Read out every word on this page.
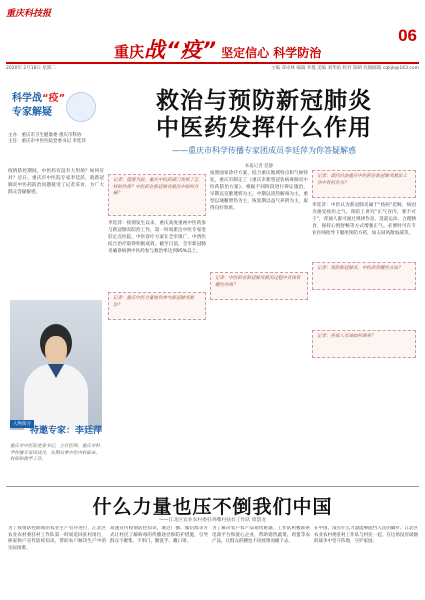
重庆科技报
重庆战“疫” 坚定信心 科学防治
06
2020年 2月18日 星期二	主编 邓卓林 编辑 李蔓 美编 刘华焰 校对 陈晴 投稿邮箱 cqkjb@163.com
科学战“疫”
专家解疑	救治与预防新冠肺炎
中医药发挥什么作用
——重庆市科学传播专家团成员李廷萍为你答疑解惑
主办：重庆市卫生健康委 重庆市科协
主任：重庆市中医医院党委书记 李廷萍
本报记者 范静
疫情防控期间，中医药有没有大用场？如何应对？近日，重庆市中医院专家李廷萍，就新冠肺炎中医药防治问题接受了记者采访，为广大群众答疑解惑。
记者：疫情当前，重庆中医药部门发挥了怎样的作用？中医药在新冠肺炎救治中如何开展？
李廷萍：疫情发生以来，重庆高度重视中医药参与新冠肺炎防治工作，第一时间派出中医专家进驻定点医院，中医诊疗方案在全市推广，中西医结合治疗取得积极成效。截至目前，全市新冠肺炎确诊病例中医药参与救治率达到95%以上。
记者：重庆中医力量如何参与新冠肺炎救治？
按照国家诊疗方案，结合重庆地域特点和气候特征，重庆市制定了《重庆市新型冠状病毒肺炎中医药防治方案》，根据不同阶段进行辨证施治，早期以宣肺透邪为主，中期以清热解毒为主，重型以通腑泄热为主，恢复期以益气养阴为主，取得良好效果。
记者：中医药在新冠肺炎救治过程中具体有哪些作用？
记者：请问目前重庆中医药在新冠肺炎救治工作中有何作为？
李廷萍：中医认为新冠肺炎属于“疫病”范畴，病因为感受疫疠之气。预防上讲究“正气存内，邪不可干”，普通人群可通过规律作息、适量运动、合理膳食、保持心情舒畅等方式增强正气。必要时可在专业医师指导下服用预防方药，如玉屏风散加减等。
记者：预防新冠肺炎，中医药有哪些方法？
记者：居家人员该如何调养？
人物简介
特邀专家：李廷萍
重庆市中医院党委书记，主任医师，重庆市科学传播专家团成员，长期从事中医内科临床、科研和教学工作。
什么力量也压不倒我们中国
——江北区农业农村委驻鸡嘴村扶贫工作队 周慧龙
为了疫情防控期间的农业生产有序进行，江北区农业农村委驻村工作队第一时间返回驻村岗位，挨家挨户宣传防疫知识，帮助农户解决生产中的实际困难。
高速宣传疫情防控知识，通过广播、微信群等方式让村民了解病毒的传播途径和防护措施，引导群众不聚集、不串门，勤洗手、戴口罩。
为了解决农户农产品销售难题，工作队积极联系电商平台和爱心企业，帮助销售蔬菜、鸡蛋等农产品，让群众的腰包不因疫情而瘪下去。
在中国，没有什么力量能够阻挡人民的脚步。江北区农业农村委驻村工作队与村民一起，在这场没有硝烟的战争中坚守阵地，守护家园。
